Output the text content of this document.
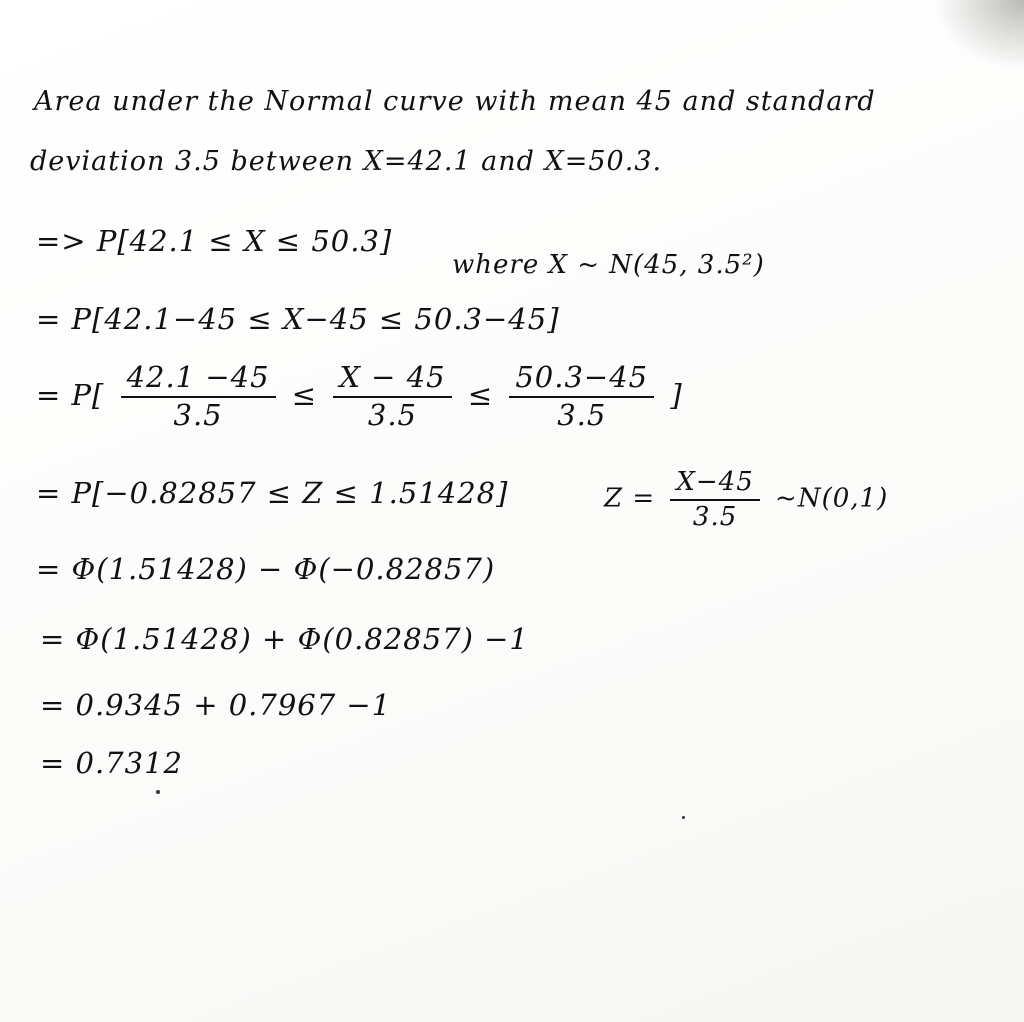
Area under the Normal curve with mean 45 and standard
deviation 3.5 between X=42.1 and X=50.3.
=> P[42.1 ≤ X ≤ 50.3]
where X ~ N(45, 3.5²)
= P[42.1−45 ≤ X−45 ≤ 50.3−45]
= $P[ \frac{42.1 -45}{3.5} \le \frac{X - 45}{3.5} \le \frac{50.3-45}{3.5}$ ]
= P[−0.82857 ≤ Z ≤ 1.51428]	$Z = \frac{X-45}{3.5}$ ~N(0,1)
= Φ(1.51428) − Φ(−0.82857)
= Φ(1.51428) + Φ(0.82857) −1
= 0.9345 + 0.7967 −1
= 0.7312
